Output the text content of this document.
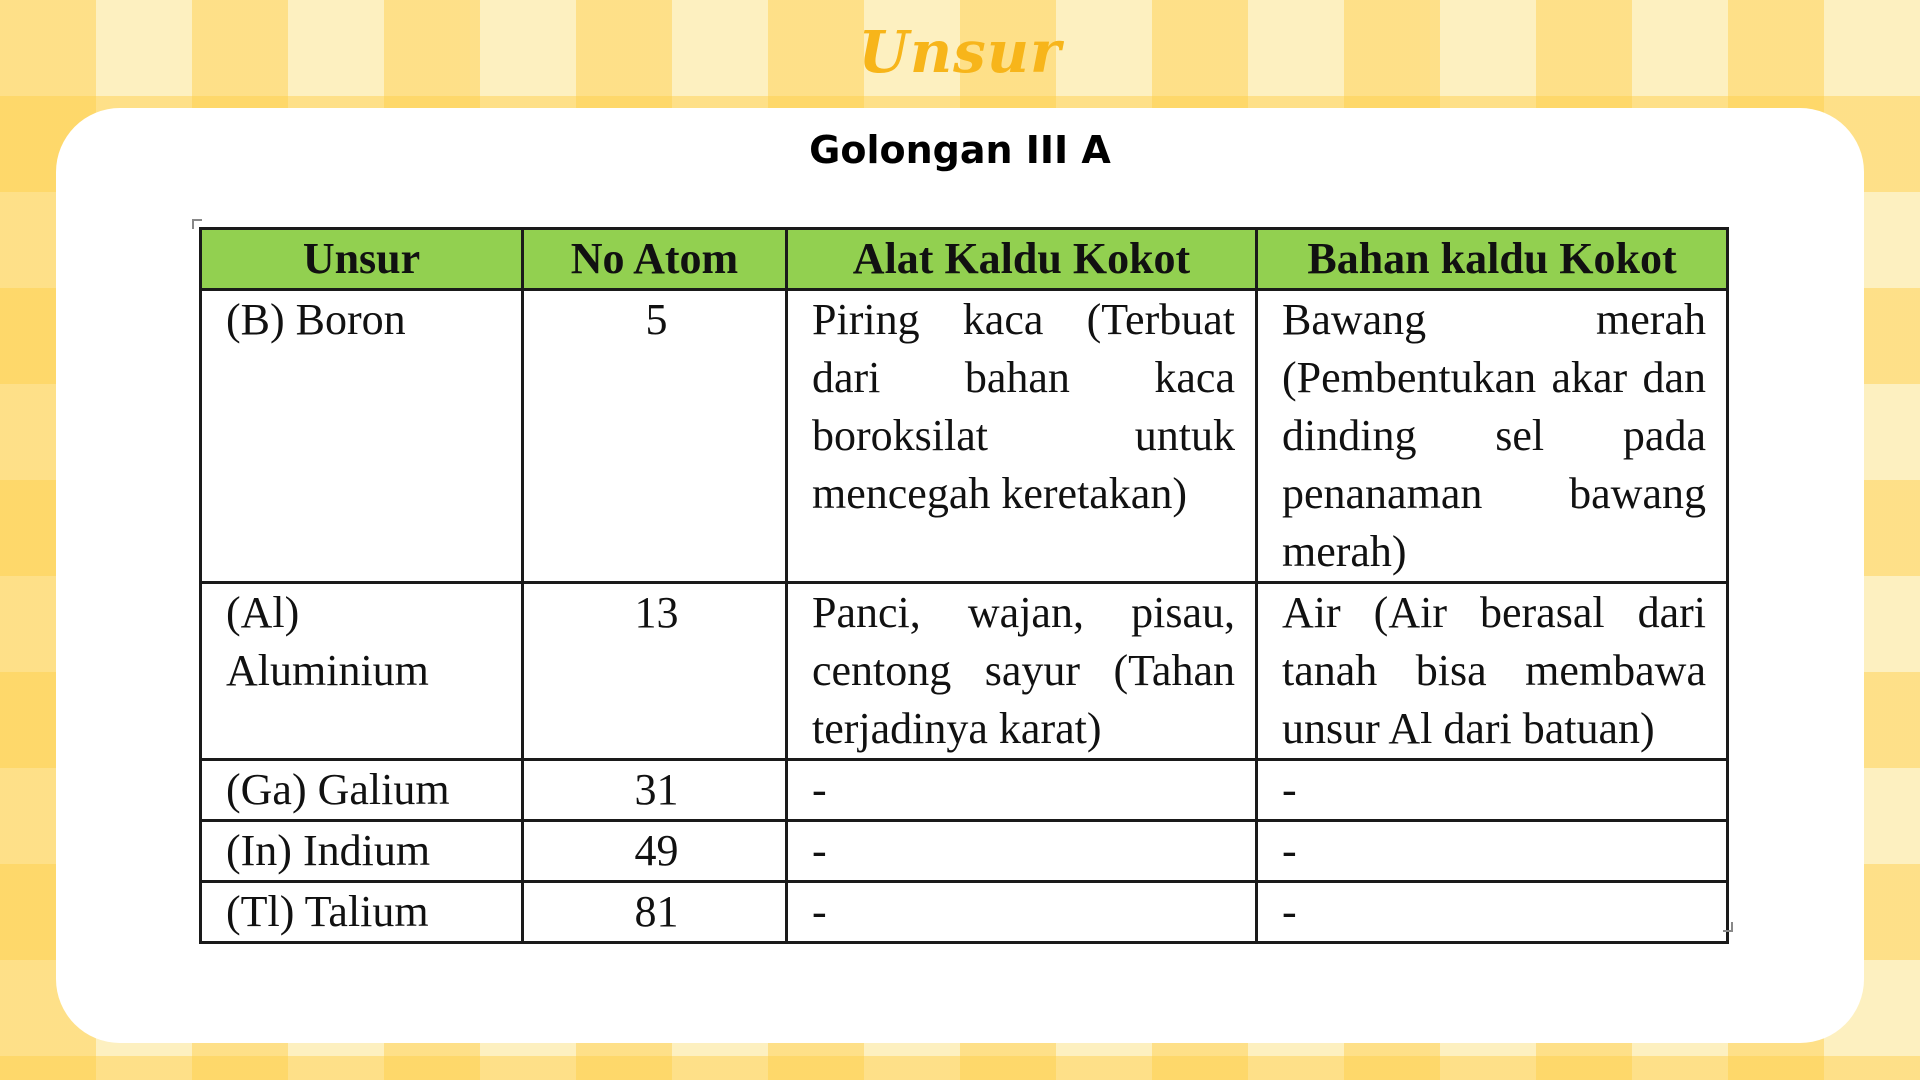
Unsur
Golongan III A
Unsur	No Atom	Alat Kaldu Kokot	Bahan kaldu Kokot
(B) Boron	5	Piring kaca (Terbuat dari bahan kaca boroksilat untuk mencegah keretakan)	Bawang merah (Pembentukan akar dan dinding sel pada penanaman bawang merah)
(Al) Aluminium	13	Panci, wajan, pisau, centong sayur (Tahan terjadinya karat)	Air (Air berasal dari tanah bisa membawa unsur Al dari batuan)
(Ga) Galium	31	-	-
(In) Indium	49	-	-
(Tl) Talium	81	-	-
